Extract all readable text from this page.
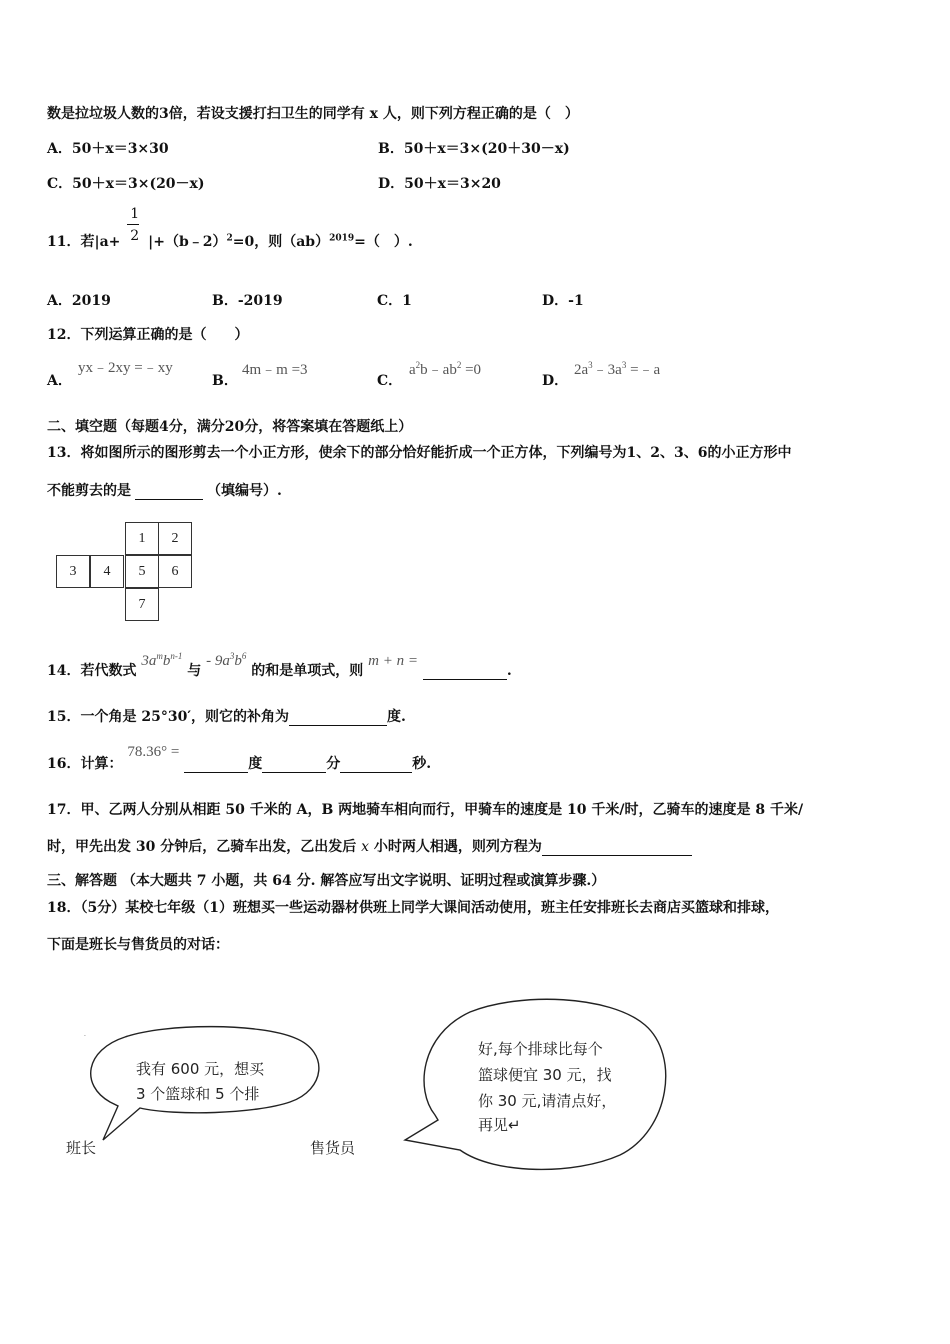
数是拉垃圾人数的3倍，若设支援打扫卫生的同学有 x 人，则下列方程正确的是（　）
A．50＋x＝3×30	B．50＋x＝3×(20＋30－x)
C．50＋x＝3×(20－x)	D．50＋x＝3×20
11．若$|a+ \frac{1}{2}$ |+（b﹣2）$^2$=0，则（ab）$^{2019}$=（　）.
A．2019	B．-2019	C．1	D．-1
12．下列运算正确的是（　　）
A．
yx﹣2xy =﹣xy
B．
4m﹣m =3
C．
$a^2b﹣ab^2 =0$
D．
$2a^3﹣3a^3$ =﹣a
二、填空题（每题4分，满分20分，将答案填在答题纸上）
13．将如图所示的图形剪去一个小正方形，使余下的部分恰好能折成一个正方体，下列编号为1、2、3、6的小正方形中
不能剪去的是	（填编号）.
1	2
3	4	5	6
7
14．若代数式 $3a^mb^{n-1}$ 与 - $9a^3b^6$ 的和是单项式，则 m + n = .
15．一个角是 25°30′，则它的补角为	度.
16．计算： 78.36° = 度	分	秒.
17．甲、乙两人分别从相距 50 千米的 A，B 两地骑车相向而行，甲骑车的速度是 10 千米/时，乙骑车的速度是 8 千米/
时，甲先出发 30 分钟后，乙骑车出发，乙出发后 x 小时两人相遇，则列方程为
三、解答题 （本大题共 7 小题，共 64 分. 解答应写出文字说明、证明过程或演算步骤.）
18．（5分）某校七年级（1）班想买一些运动器材供班上同学大课间活动使用，班主任安排班长去商店买篮球和排球，
下面是班长与售货员的对话：
·
我有 600 元，想买
3 个篮球和 5 个排
好,每个排球比每个
篮球便宜 30 元，找
你 30 元,请清点好，
再见↵
班长	售货员
